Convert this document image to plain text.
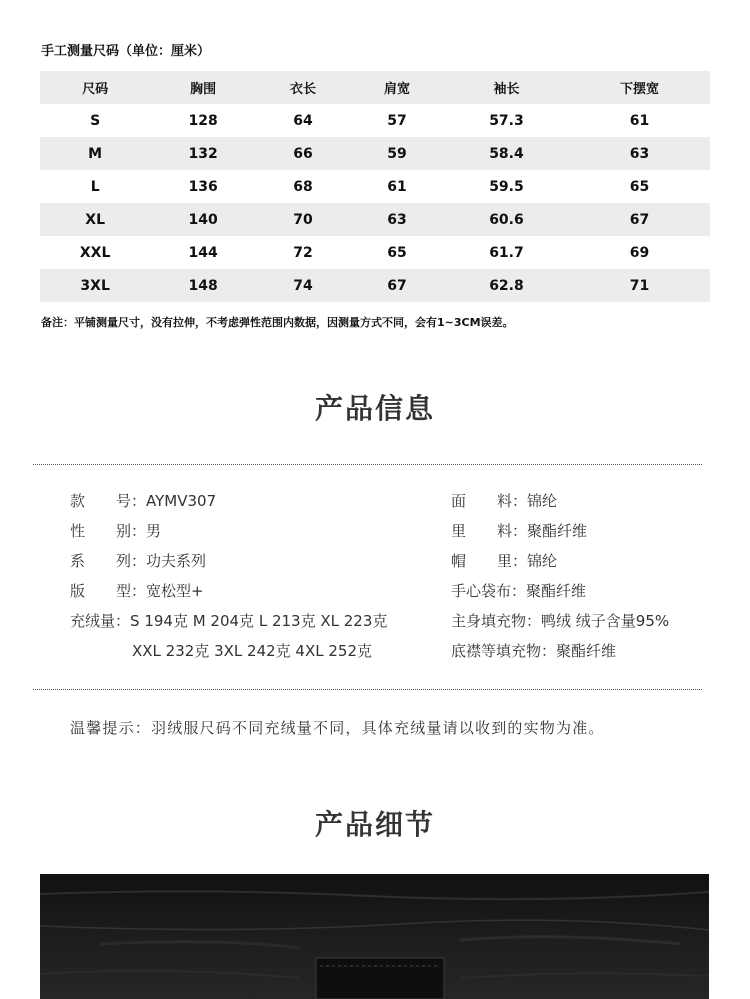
手工测量尺码（单位：厘米）
尺码	胸围	衣长	肩宽	袖长	下摆宽
S	128	64	57	57.3	61
M	132	66	59	58.4	63
L	136	68	61	59.5	65
XL	140	70	63	60.6	67
XXL	144	72	65	61.7	69
3XL	148	74	67	62.8	71
备注：平铺测量尺寸，没有拉伸，不考虑弹性范围内数据，因测量方式不同，会有1~3CM误差。
产品信息
款号：AYMV307
性别：男
系列：功夫系列
版型：宽松型+
充绒量：S 194克 M 204克 L 213克 XL 223克
XXL 232克 3XL 242克 4XL 252克
面料：锦纶
里料：聚酯纤维
帽里：锦纶
手心袋布：聚酯纤维
主身填充物：鸭绒 绒子含量95%
底襟等填充物：聚酯纤维
温馨提示：羽绒服尺码不同充绒量不同，具体充绒量请以收到的实物为准。
产品细节
